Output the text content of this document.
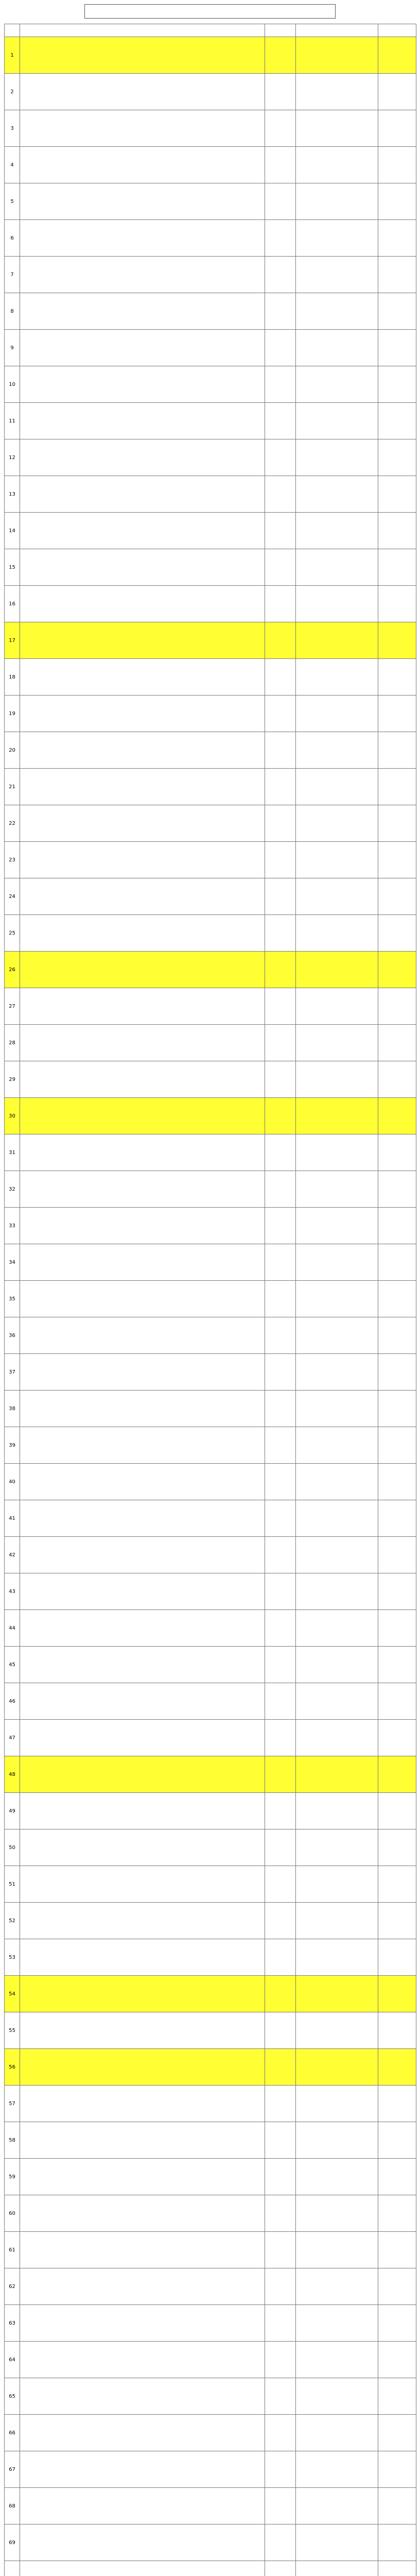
1			

2			

3			

4			

5			

6			

7			

8			

9			

10			

11			

12			

13			

14			

15			

16			

17			

18			

19			

20			

21			

22			

23			

24			

25			

26			

27			

28			

29			

30			

31			

32			

33			

34			

35			

36			

37			

38			

39			

40			

41			

42			

43			

44			

45			

46			

47			

48			

49			

50			

51			

52			

53			

54			

55			

56			

57			

58			

59			

60			

61			

62			

63			

64			

65			

66			

67			

68			

69			
